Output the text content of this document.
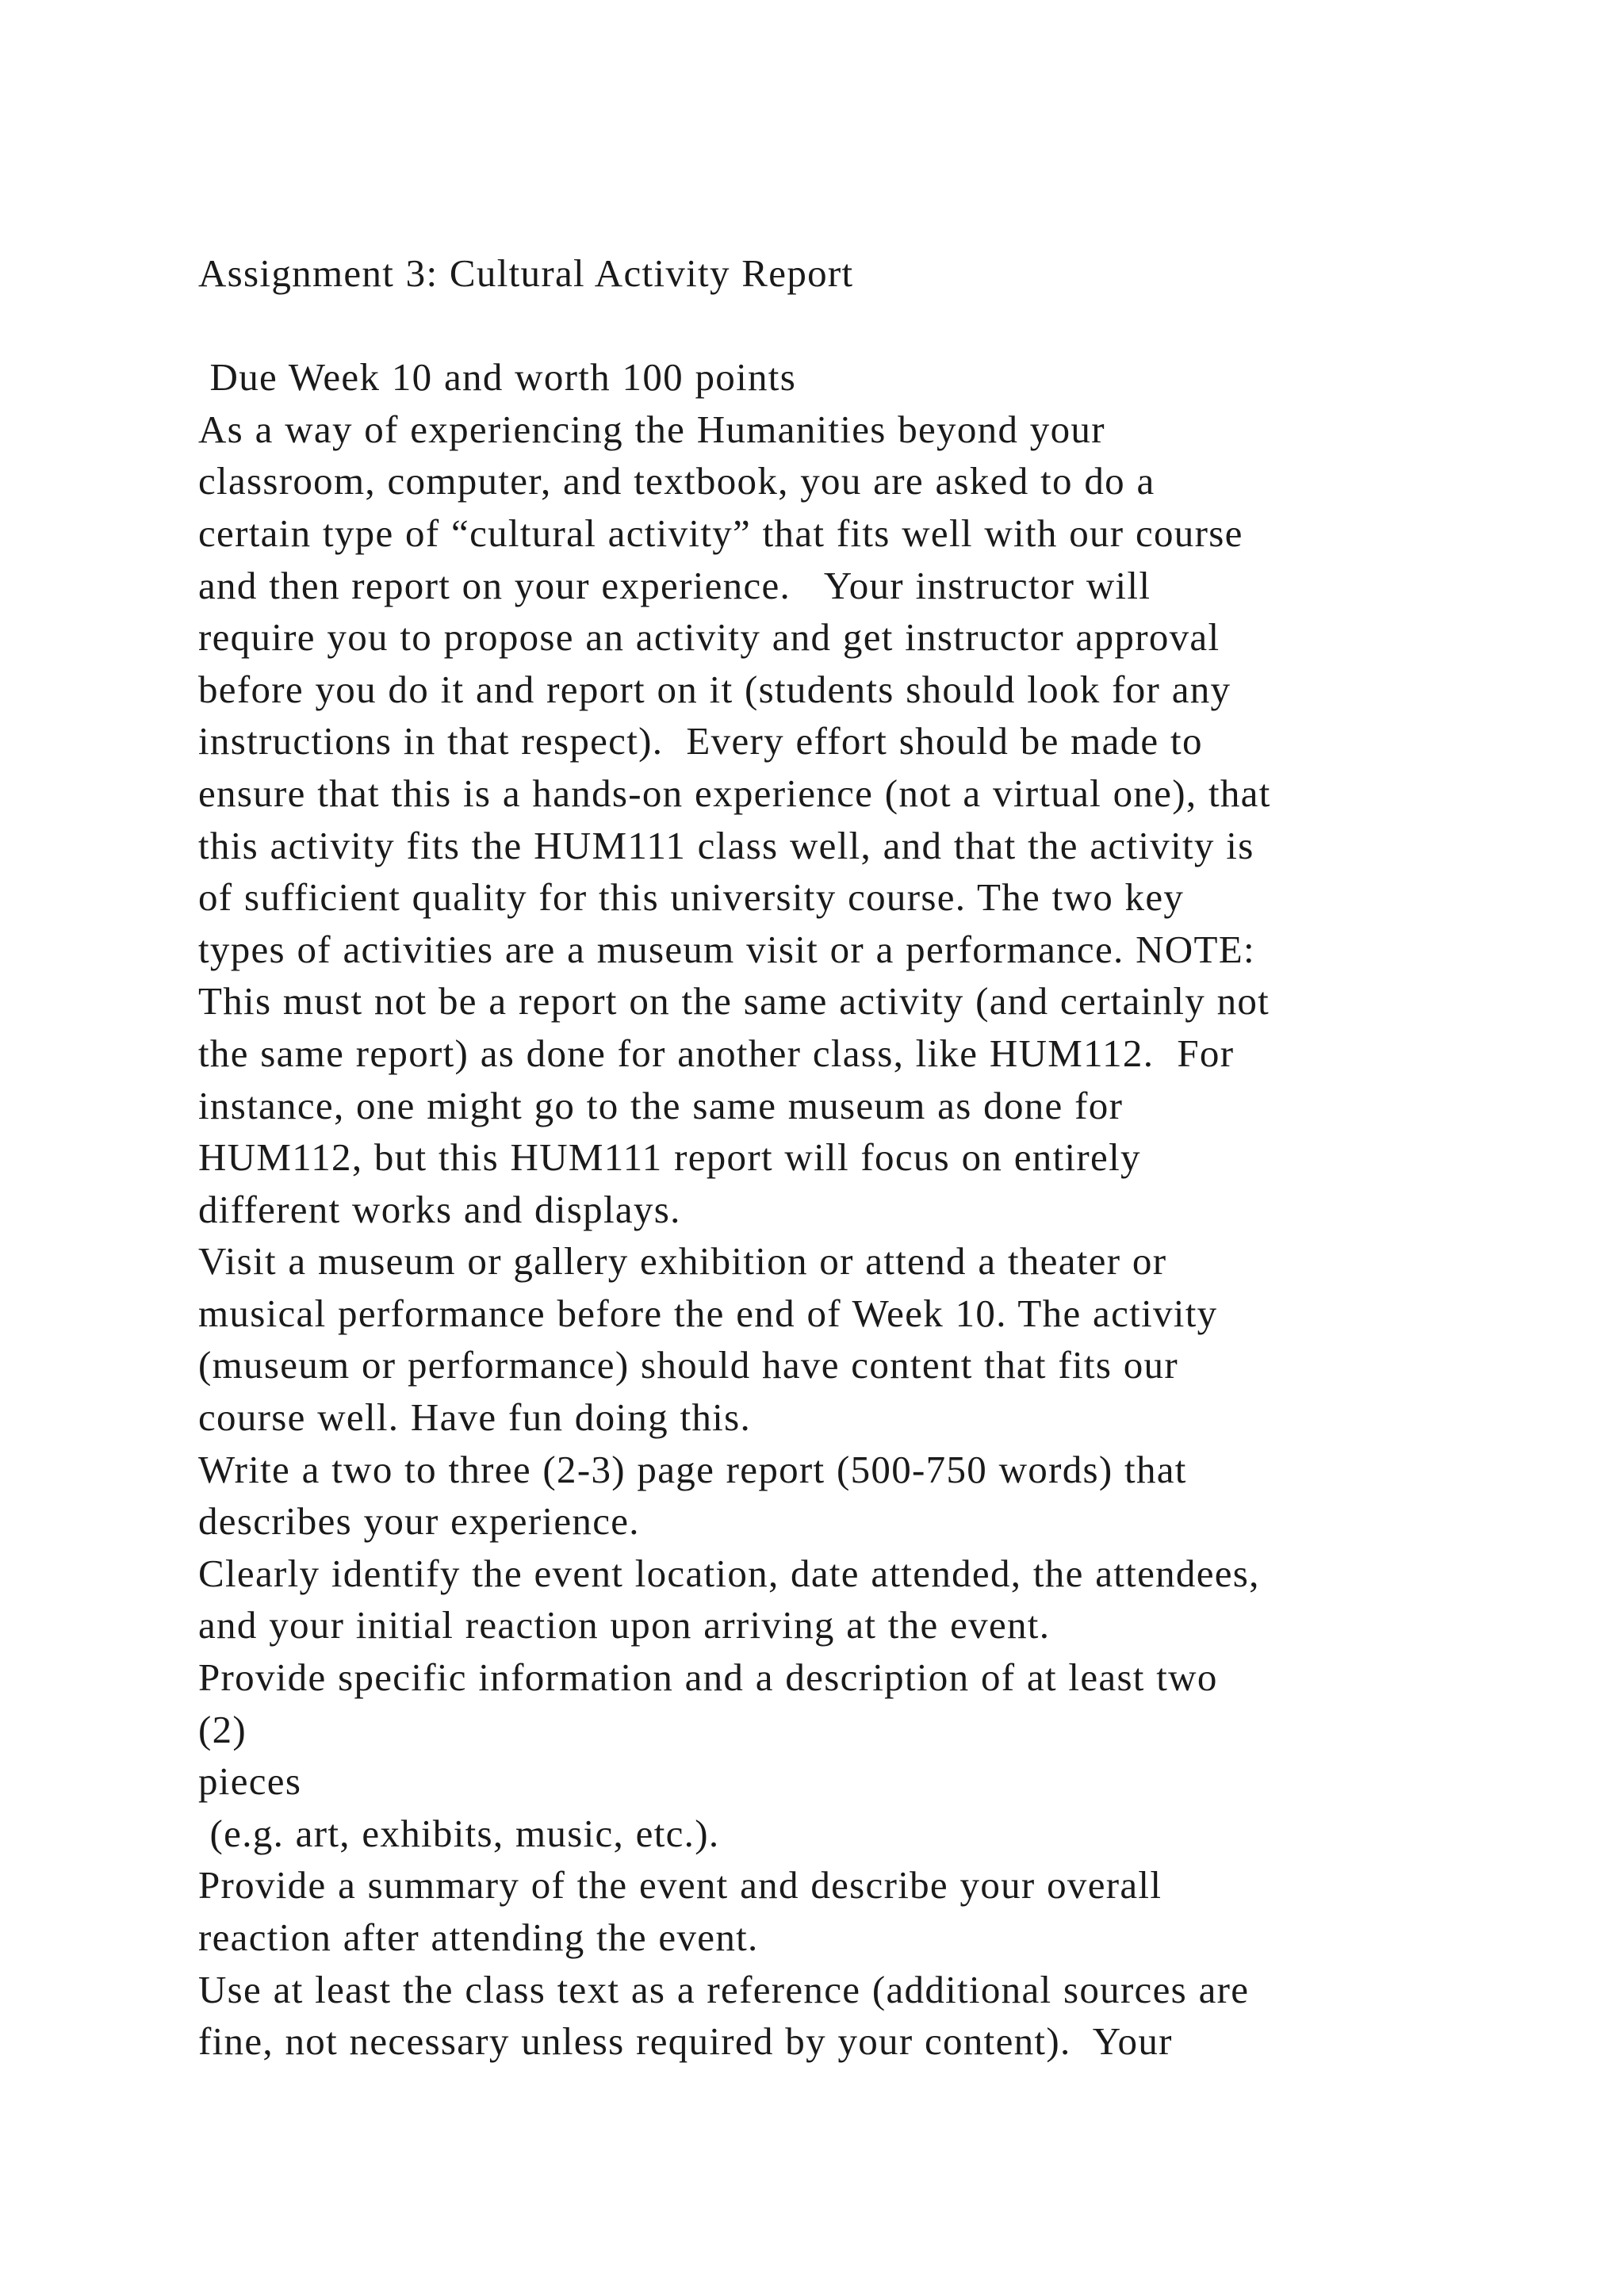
Assignment 3: Cultural Activity Report
Due Week 10 and worth 100 points
As a way of experiencing the Humanities beyond your
classroom, computer, and textbook, you are asked to do a
certain type of “cultural activity” that fits well with our course
and then report on your experience.   Your instructor will
require you to propose an activity and get instructor approval
before you do it and report on it (students should look for any
instructions in that respect).  Every effort should be made to
ensure that this is a hands-on experience (not a virtual one), that
this activity fits the HUM111 class well, and that the activity is
of sufficient quality for this university course. The two key
types of activities are a museum visit or a performance. NOTE:
This must not be a report on the same activity (and certainly not
the same report) as done for another class, like HUM112.  For
instance, one might go to the same museum as done for
HUM112, but this HUM111 report will focus on entirely
different works and displays.
Visit a museum or gallery exhibition or attend a theater or
musical performance before the end of Week 10. The activity
(museum or performance) should have content that fits our
course well. Have fun doing this.
Write a two to three (2-3) page report (500-750 words) that
describes your experience.
Clearly identify the event location, date attended, the attendees,
and your initial reaction upon arriving at the event.
Provide specific information and a description of at least two
(2)
pieces
(e.g. art, exhibits, music, etc.).
Provide a summary of the event and describe your overall
reaction after attending the event.
Use at least the class text as a reference (additional sources are
fine, not necessary unless required by your content).  Your
